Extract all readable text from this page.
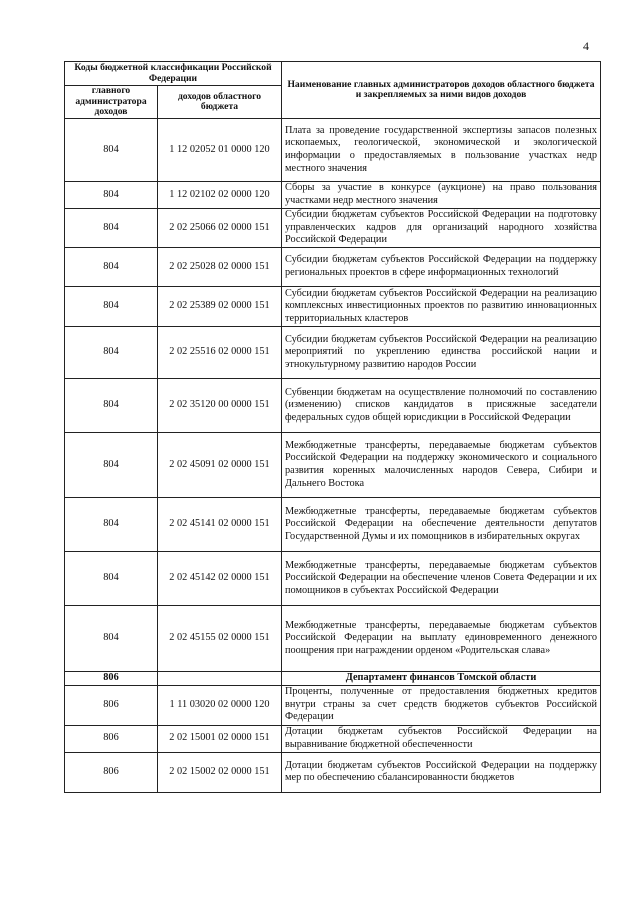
4
Коды бюджетной классификации Российской Федерации		Наименование главных администраторов доходов областного бюджета и закрепляемых за ними видов доходов
главного администратора доходов	доходов областного бюджета	
804	1 12 02052 01 0000 120	Плата за проведение государственной экспертизы запасов полезных ископаемых, геологической, экономической и экологической информации о предоставляемых в пользование участках недр местного значения
804	1 12 02102 02 0000 120	Сборы за участие в конкурсе (аукционе) на право пользования участками недр местного значения
804	2 02 25066 02 0000 151	Субсидии бюджетам субъектов Российской Федерации на подготовку управленческих кадров для организаций народного хозяйства Российской Федерации
804	2 02 25028 02 0000 151	Субсидии бюджетам субъектов Российской Федерации на поддержку региональных проектов в сфере информационных технологий
804	2 02 25389 02 0000 151	Субсидии бюджетам субъектов Российской Федерации на реализацию комплексных инвестиционных проектов по развитию инновационных территориальных кластеров
804	2 02 25516 02 0000 151	Субсидии бюджетам субъектов Российской Федерации на реализацию мероприятий по укреплению единства российской нации и этнокультурному развитию народов России
804	2 02 35120 00 0000 151	Субвенции бюджетам на осуществление полномочий по составлению (изменению) списков кандидатов в присяжные заседатели федеральных судов общей юрисдикции в Российской Федерации
804	2 02 45091 02 0000 151	Межбюджетные трансферты, передаваемые бюджетам субъектов Российской Федерации на поддержку экономического и социального развития коренных малочисленных народов Севера, Сибири и Дальнего Востока
804	2 02 45141 02 0000 151	Межбюджетные трансферты, передаваемые бюджетам субъектов Российской Федерации на обеспечение деятельности депутатов Государственной Думы и их помощников в избирательных округах
804	2 02 45142 02 0000 151	Межбюджетные трансферты, передаваемые бюджетам субъектов Российской Федерации на обеспечение членов Совета Федерации и их помощников в субъектах Российской Федерации
804	2 02 45155 02 0000 151	Межбюджетные трансферты, передаваемые бюджетам субъектов Российской Федерации на выплату единовременного денежного поощрения при награждении орденом «Родительская слава»
806		Департамент финансов Томской области
806	1 11 03020 02 0000 120	Проценты, полученные от предоставления бюджетных кредитов внутри страны за счет средств бюджетов субъектов Российской Федерации
806	2 02 15001 02 0000 151	Дотации бюджетам субъектов Российской Федерации на выравнивание бюджетной обеспеченности
806	2 02 15002 02 0000 151	Дотации бюджетам субъектов Российской Федерации на поддержку мер по обеспечению сбалансированности бюджетов
